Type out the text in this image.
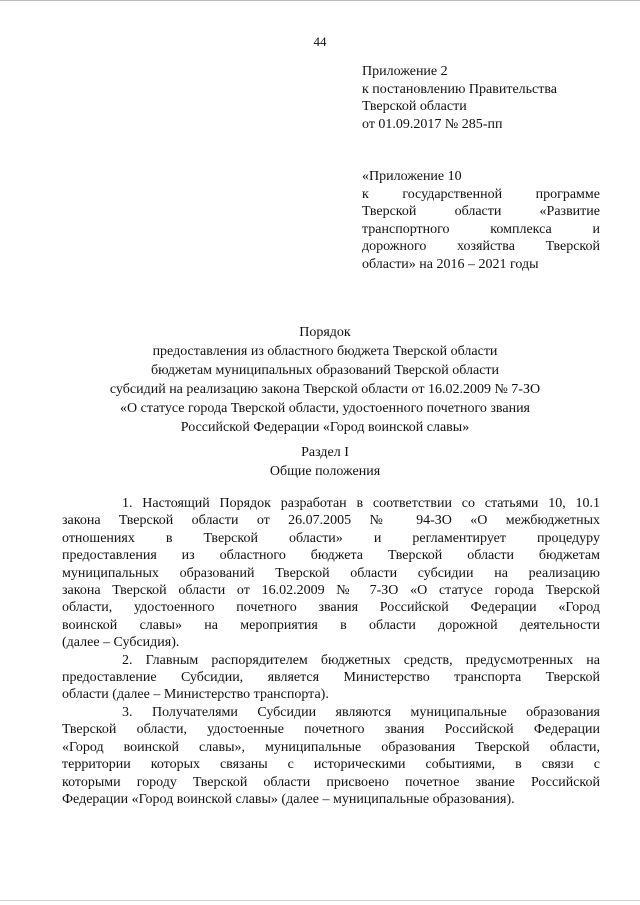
44
Приложение 2
к постановлению Правительства
Тверской области
от 01.09.2017 № 285-пп
«Приложение 10
к государственной программе
Тверской области «Развитие
транспортного комплекса и
дорожного хозяйства Тверской
области» на 2016 – 2021 годы
Порядок
предоставления из областного бюджета Тверской области
бюджетам муниципальных образований Тверской области
субсидий на реализацию закона Тверской области от 16.02.2009 № 7-ЗО
«О статусе города Тверской области, удостоенного почетного звания
Российской Федерации «Город воинской славы»
Раздел I
Общие положения

1. Настоящий Порядок разработан в соответствии со статьями 10, 10.1
закона Тверской области от 26.07.2005 № 94-ЗО «О межбюджетных
отношениях в Тверской области» и регламентирует процедуру
предоставления из областного бюджета Тверской области бюджетам
муниципальных образований Тверской области субсидии на реализацию
закона Тверской области от 16.02.2009 № 7-ЗО «О статусе города Тверской
области, удостоенного почетного звания Российской Федерации «Город
воинской славы» на мероприятия в области дорожной деятельности
(далее – Субсидия).

2. Главным распорядителем бюджетных средств, предусмотренных на
предоставление Субсидии, является Министерство транспорта Тверской
области (далее – Министерство транспорта).

3. Получателями Субсидии являются муниципальные образования
Тверской области, удостоенные почетного звания Российской Федерации
«Город воинской славы», муниципальные образования Тверской области,
территории которых связаны с историческими событиями, в связи с
которыми городу Тверской области присвоено почетное звание Российской
Федерации «Город воинской славы» (далее – муниципальные образования).
